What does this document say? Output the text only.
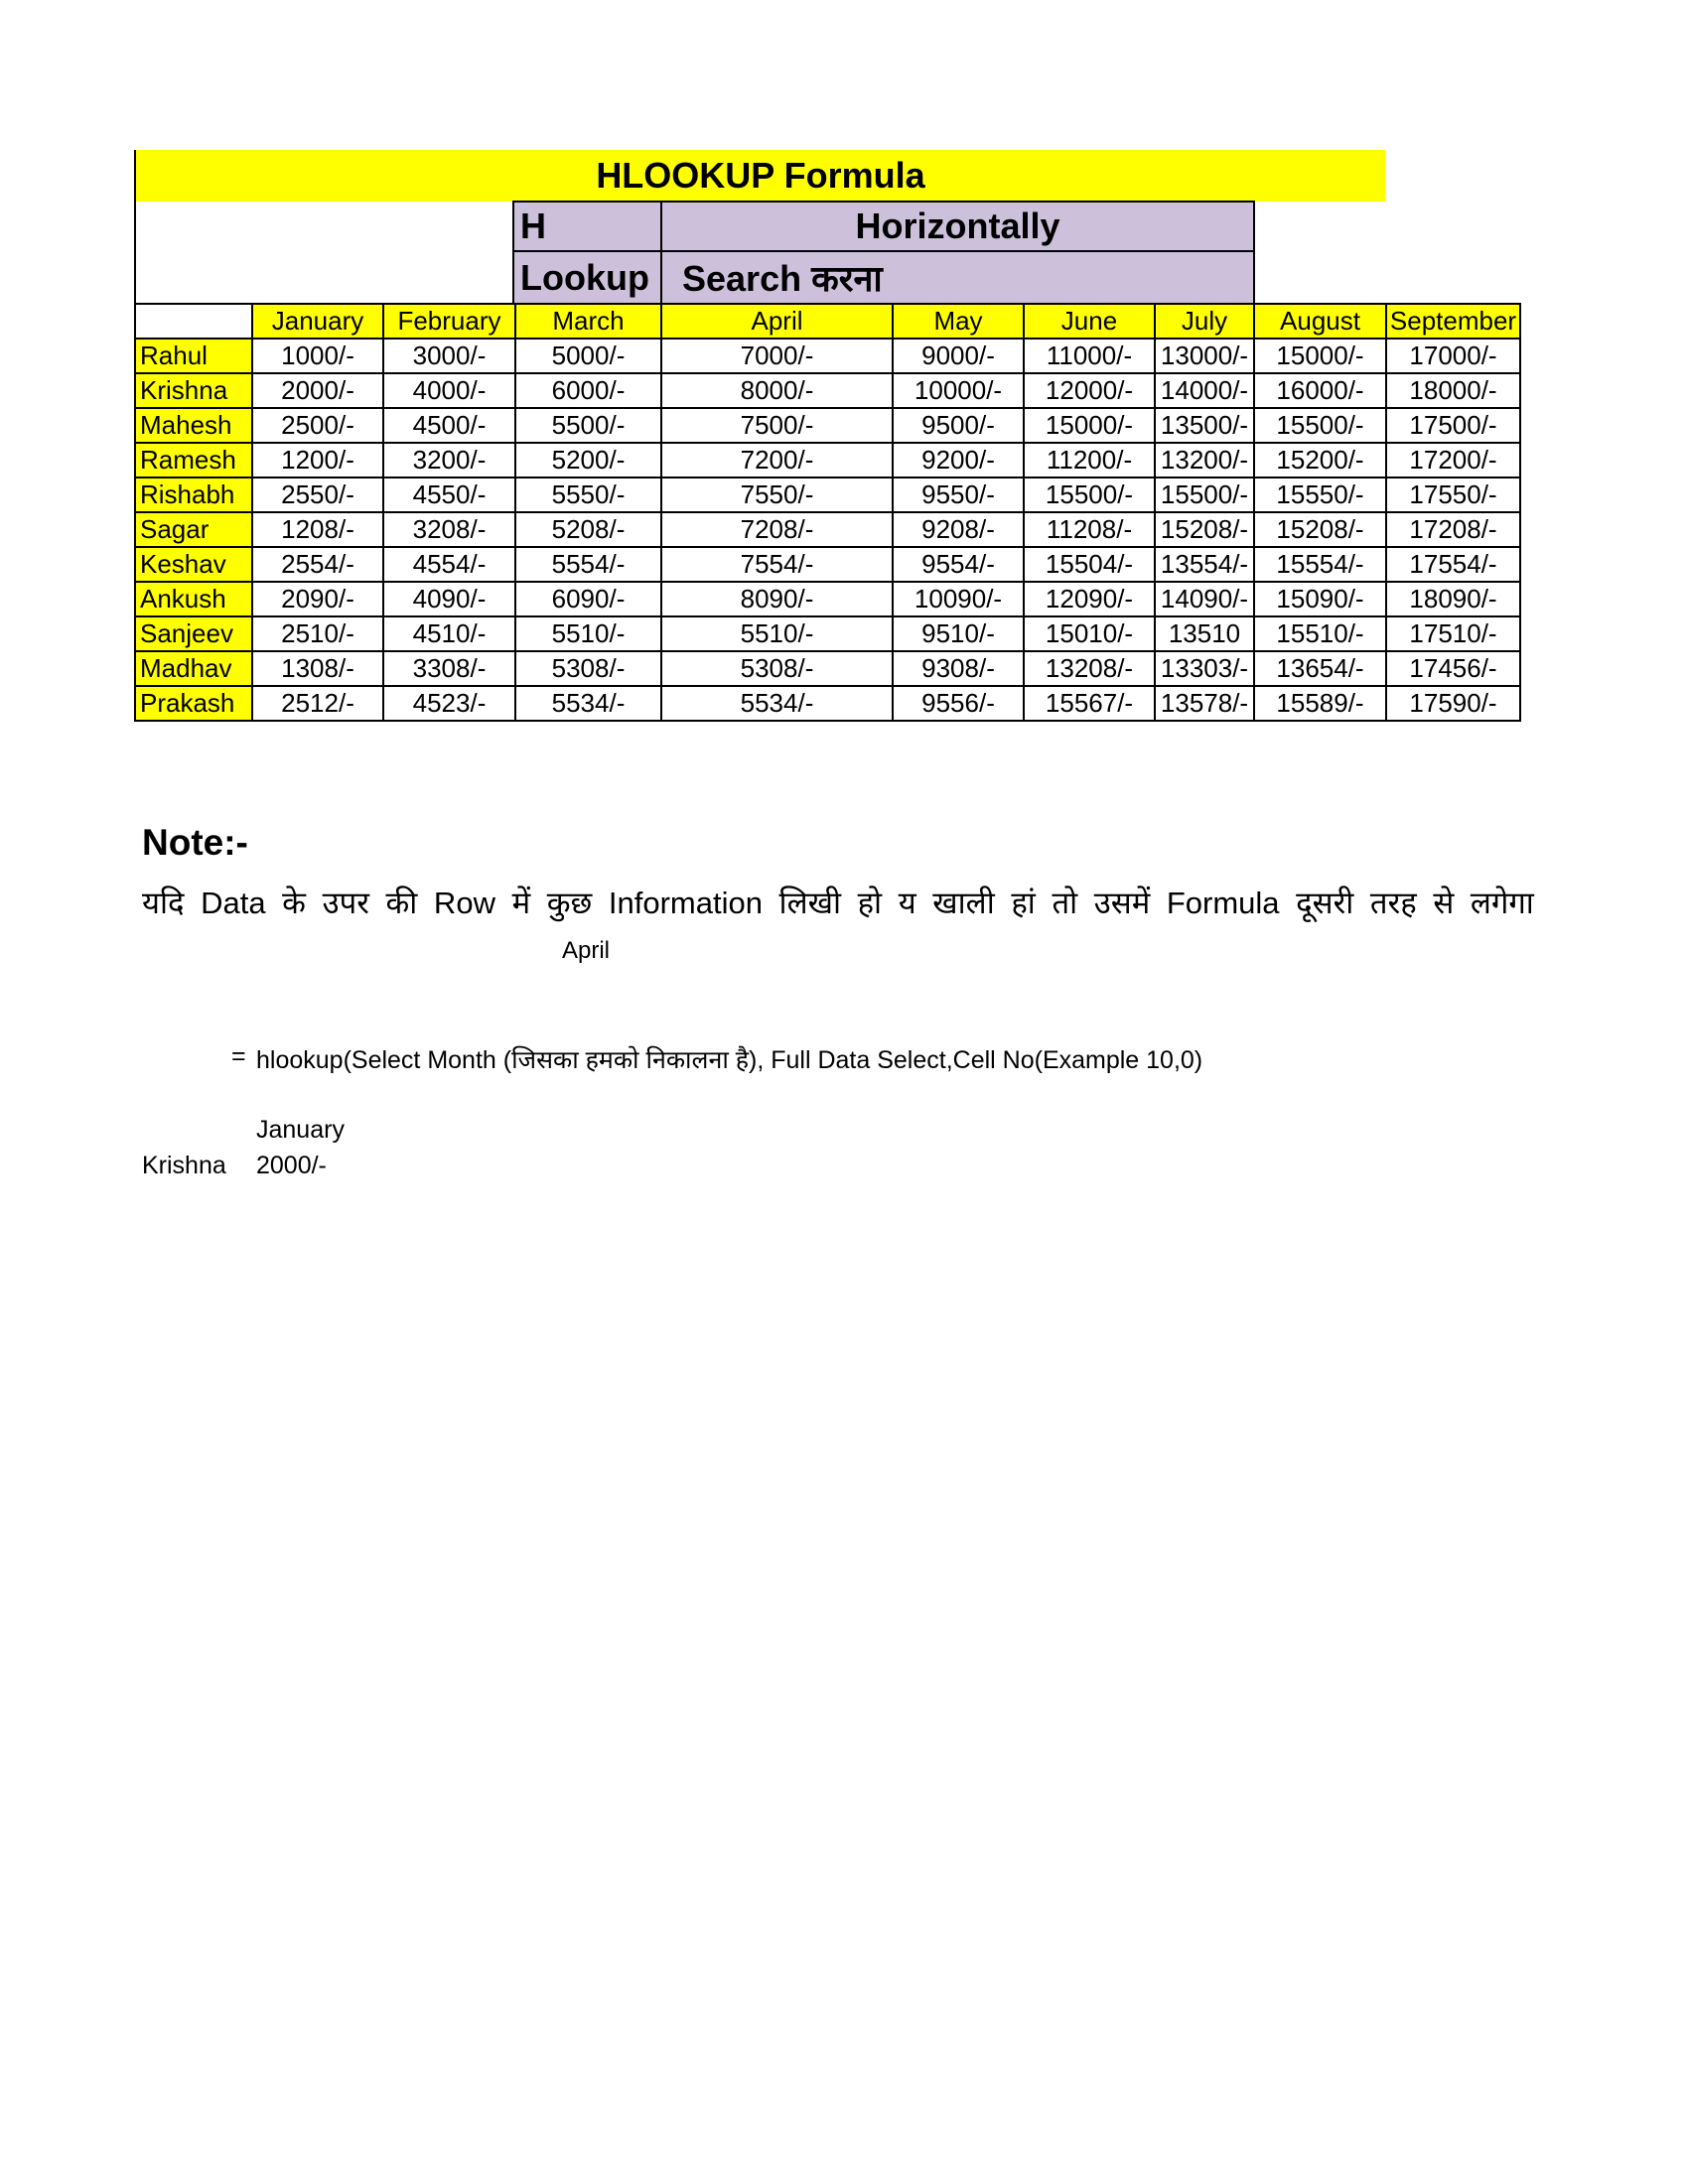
HLOOKUP Formula
H	Horizontally
Lookup Search करना
	January	February	March	April	May	June	July	August	September
Rahul	1000/-	3000/-	5000/-	7000/-	9000/-	11000/-	13000/-	15000/-	17000/-
Krishna	2000/-	4000/-	6000/-	8000/-	10000/-	12000/-	14000/-	16000/-	18000/-
Mahesh	2500/-	4500/-	5500/-	7500/-	9500/-	15000/-	13500/-	15500/-	17500/-
Ramesh	1200/-	3200/-	5200/-	7200/-	9200/-	11200/-	13200/-	15200/-	17200/-
Rishabh	2550/-	4550/-	5550/-	7550/-	9550/-	15500/-	15500/-	15550/-	17550/-
Sagar	1208/-	3208/-	5208/-	7208/-	9208/-	11208/-	15208/-	15208/-	17208/-
Keshav	2554/-	4554/-	5554/-	7554/-	9554/-	15504/-	13554/-	15554/-	17554/-
Ankush	2090/-	4090/-	6090/-	8090/-	10090/-	12090/-	14090/-	15090/-	18090/-
Sanjeev	2510/-	4510/-	5510/-	5510/-	9510/-	15010/-	13510	15510/-	17510/-
Madhav	1308/-	3308/-	5308/-	5308/-	9308/-	13208/-	13303/-	13654/-	17456/-
Prakash	2512/-	4523/-	5534/-	5534/-	9556/-	15567/-	13578/-	15589/-	17590/-
Note:-
यदि Data के उपर की Row में कुछ Information लिखी हो य खाली हां तो उसमें Formula दूसरी तरह से लगेगा
April
= hlookup(Select Month (जिसका हमको निकालना है), Full Data Select,Cell No(Example 10,0)
January
Krishna 2000/-
